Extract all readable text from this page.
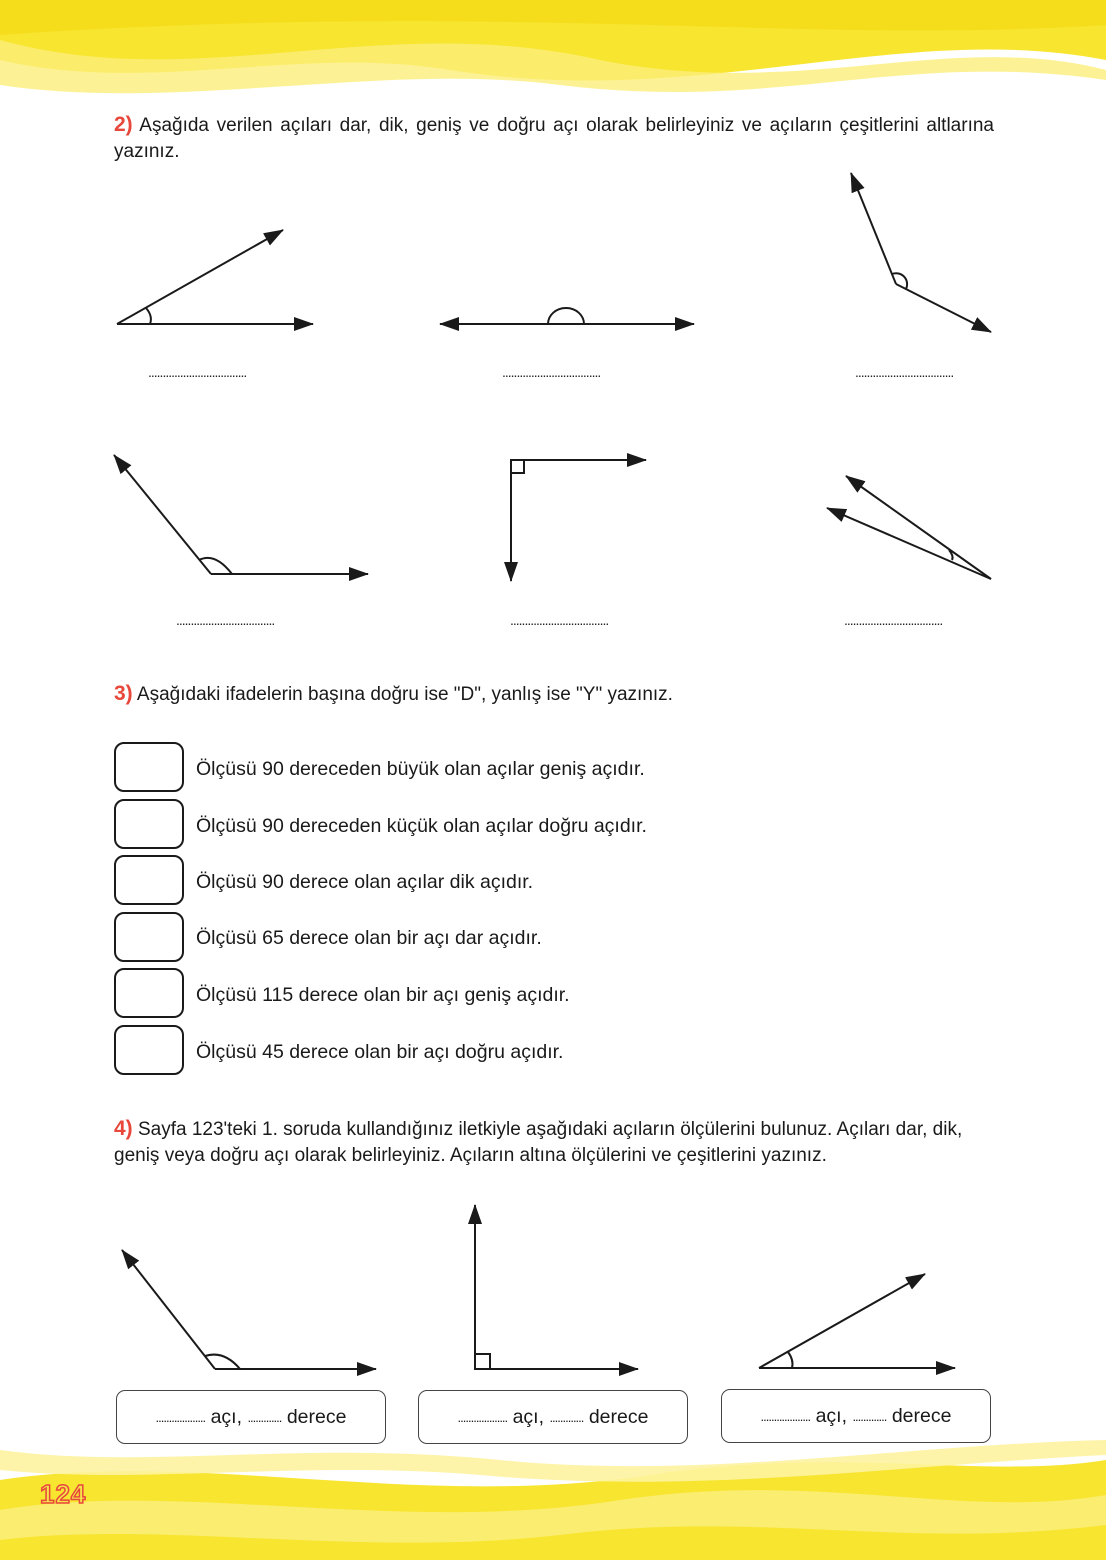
2) Aşağıda verilen açıları dar, dik, geniş ve doğru açı olarak belirleyiniz ve açıların çeşitlerini altlarına yazınız.
..................................	..................................	..................................
..................................	..................................	..................................
3) Aşağıdaki ifadelerin başına doğru ise "D", yanlış ise "Y" yazınız.
Ölçüsü 90 dereceden büyük olan açılar geniş açıdır.
Ölçüsü 90 dereceden küçük olan açılar doğru açıdır.
Ölçüsü 90 derece olan açılar dik açıdır.
Ölçüsü 65 derece olan bir açı dar açıdır.
Ölçüsü 115 derece olan bir açı geniş açıdır.
Ölçüsü 45 derece olan bir açı doğru açıdır.
4) Sayfa 123'teki 1. soruda kullandığınız iletkiyle aşağıdaki açıların ölçülerini bulunuz. Açıları dar, dik, geniş veya doğru açı olarak belirleyiniz. Açıların altına ölçülerini ve çeşitlerini yazınız.
................... açı, ............. derece	................... açı, ............. derece	................... açı, ............. derece
124
